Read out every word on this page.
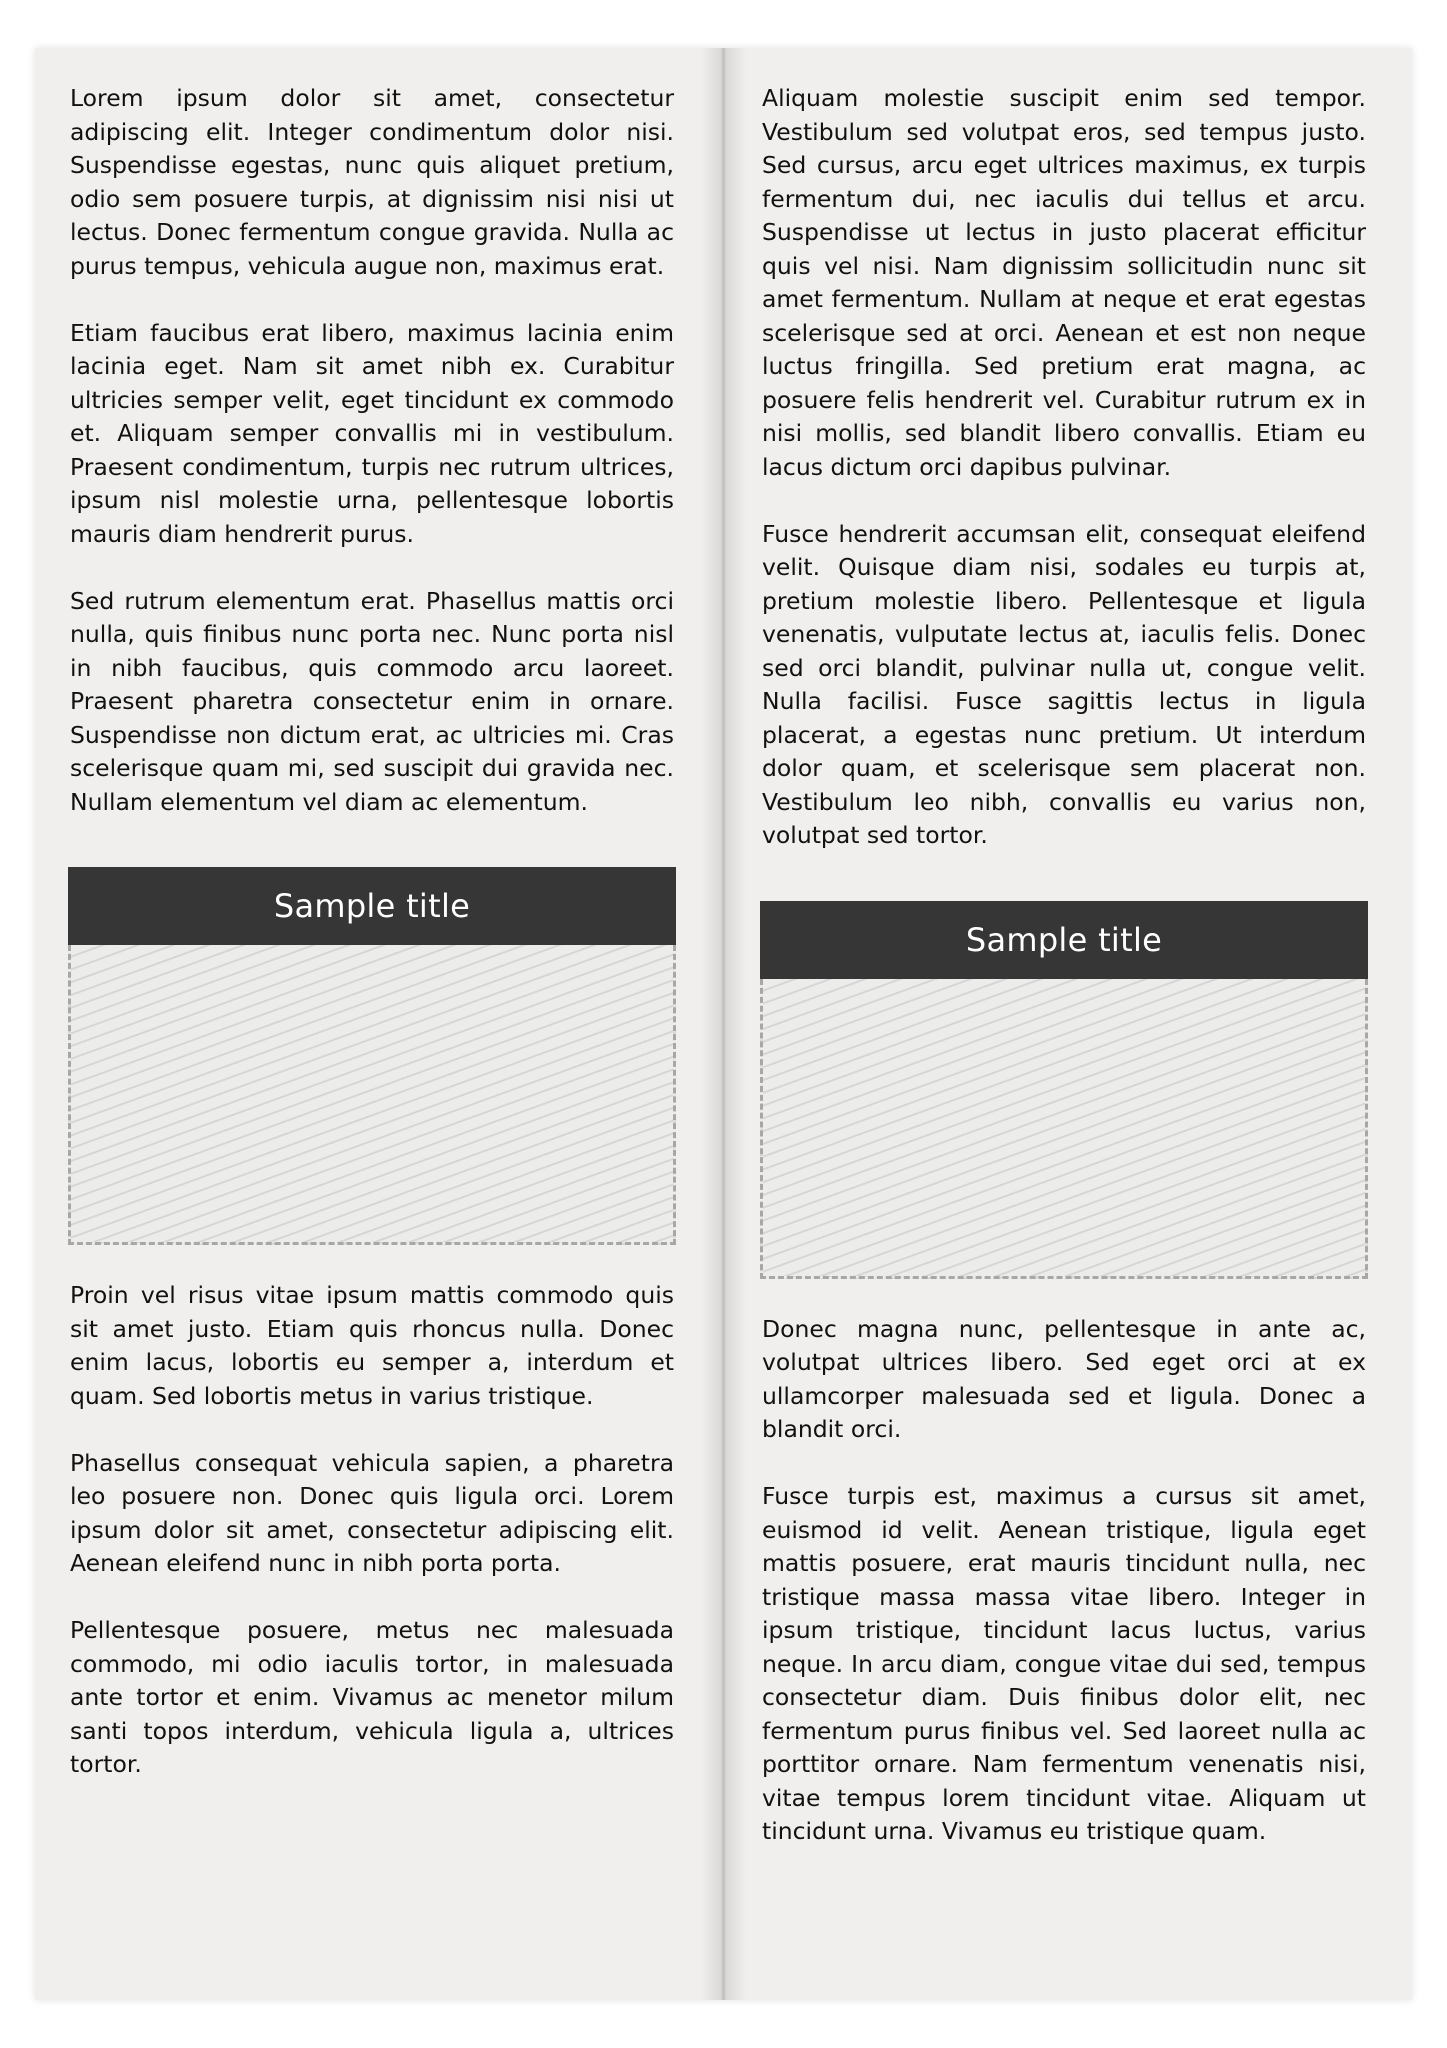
Lorem ipsum dolor sit amet, consectetur adipiscing elit. Integer condimentum dolor nisi. Suspendisse egestas, nunc quis aliquet pretium, odio sem posuere turpis, at dignissim nisi nisi ut lectus. Donec fermentum congue gravida. Nulla ac purus tempus, vehicula augue non, maximus erat.

Etiam faucibus erat libero, maximus lacinia enim lacinia eget. Nam sit amet nibh ex. Curabitur ultricies semper velit, eget tincidunt ex commodo et. Aliquam semper convallis mi in vestibulum. Praesent condimentum, turpis nec rutrum ultrices, ipsum nisl molestie urna, pellentesque lobortis mauris diam hendrerit purus.

Sed rutrum elementum erat. Phasellus mattis orci nulla, quis finibus nunc porta nec. Nunc porta nisl in nibh faucibus, quis commodo arcu laoreet. Praesent pharetra consectetur enim in ornare. Suspendisse non dictum erat, ac ultricies mi. Cras scelerisque quam mi, sed suscipit dui gravida nec. Nullam elementum vel diam ac elementum.

Sample title

Proin vel risus vitae ipsum mattis commodo quis sit amet justo. Etiam quis rhoncus nulla. Donec enim lacus, lobortis eu semper a, interdum et quam. Sed lobortis metus in varius tristique.

Phasellus consequat vehicula sapien, a pharetra leo posuere non. Donec quis ligula orci. Lorem ipsum dolor sit amet, consectetur adipiscing elit. Aenean eleifend nunc in nibh porta porta.

Pellentesque posuere, metus nec malesuada commodo, mi odio iaculis tortor, in malesuada ante tortor et enim. Vivamus ac menetor milum santi topos interdum, vehicula ligula a, ultrices tortor.

Aliquam molestie suscipit enim sed tempor. Vestibulum sed volutpat eros, sed tempus justo. Sed cursus, arcu eget ultrices maximus, ex turpis fermentum dui, nec iaculis dui tellus et arcu. Suspendisse ut lectus in justo placerat efficitur quis vel nisi. Nam dignissim sollicitudin nunc sit amet fermentum. Nullam at neque et erat egestas scelerisque sed at orci. Aenean et est non neque luctus fringilla. Sed pretium erat magna, ac posuere felis hendrerit vel. Curabitur rutrum ex in nisi mollis, sed blandit libero convallis. Etiam eu lacus dictum orci dapibus pulvinar.

Fusce hendrerit accumsan elit, consequat eleifend velit. Quisque diam nisi, sodales eu turpis at, pretium molestie libero. Pellentesque et ligula venenatis, vulputate lectus at, iaculis felis. Donec sed orci blandit, pulvinar nulla ut, congue velit. Nulla facilisi. Fusce sagittis lectus in ligula placerat, a egestas nunc pretium. Ut interdum dolor quam, et scelerisque sem placerat non. Vestibulum leo nibh, convallis eu varius non, volutpat sed tortor.

Sample title

Donec magna nunc, pellentesque in ante ac, volutpat ultrices libero. Sed eget orci at ex ullamcorper malesuada sed et ligula. Donec a blandit orci.

Fusce turpis est, maximus a cursus sit amet, euismod id velit. Aenean tristique, ligula eget mattis posuere, erat mauris tincidunt nulla, nec tristique massa massa vitae libero. Integer in ipsum tristique, tincidunt lacus luctus, varius neque. In arcu diam, congue vitae dui sed, tempus consectetur diam. Duis finibus dolor elit, nec fermentum purus finibus vel. Sed laoreet nulla ac porttitor ornare. Nam fermentum venenatis nisi, vitae tempus lorem tincidunt vitae. Aliquam ut tincidunt urna. Vivamus eu tristique quam.
